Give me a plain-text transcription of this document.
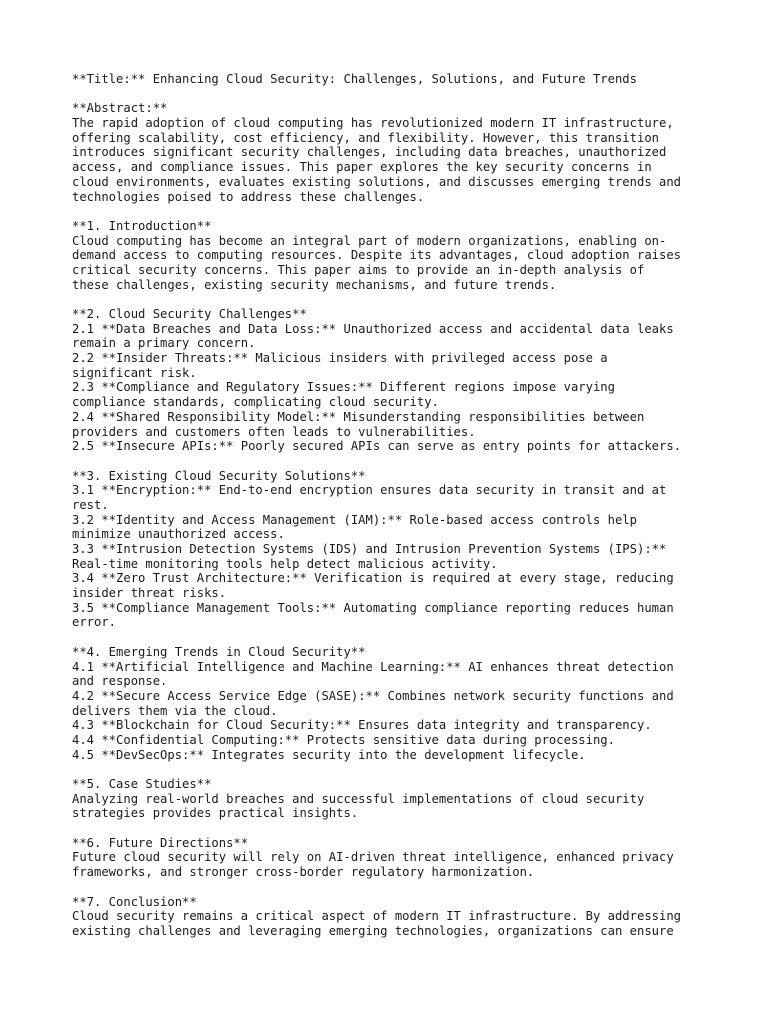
**Title:** Enhancing Cloud Security: Challenges, Solutions, and Future Trends
**Abstract:**
The rapid adoption of cloud computing has revolutionized modern IT infrastructure,
offering scalability, cost efficiency, and flexibility. However, this transition
introduces significant security challenges, including data breaches, unauthorized
access, and compliance issues. This paper explores the key security concerns in
cloud environments, evaluates existing solutions, and discusses emerging trends and
technologies poised to address these challenges.
**1. Introduction**
Cloud computing has become an integral part of modern organizations, enabling on-
demand access to computing resources. Despite its advantages, cloud adoption raises
critical security concerns. This paper aims to provide an in-depth analysis of
these challenges, existing security mechanisms, and future trends.
**2. Cloud Security Challenges**
2.1 **Data Breaches and Data Loss:** Unauthorized access and accidental data leaks
remain a primary concern.
2.2 **Insider Threats:** Malicious insiders with privileged access pose a
significant risk.
2.3 **Compliance and Regulatory Issues:** Different regions impose varying
compliance standards, complicating cloud security.
2.4 **Shared Responsibility Model:** Misunderstanding responsibilities between
providers and customers often leads to vulnerabilities.
2.5 **Insecure APIs:** Poorly secured APIs can serve as entry points for attackers.
**3. Existing Cloud Security Solutions**
3.1 **Encryption:** End-to-end encryption ensures data security in transit and at
rest.
3.2 **Identity and Access Management (IAM):** Role-based access controls help
minimize unauthorized access.
3.3 **Intrusion Detection Systems (IDS) and Intrusion Prevention Systems (IPS):**
Real-time monitoring tools help detect malicious activity.
3.4 **Zero Trust Architecture:** Verification is required at every stage, reducing
insider threat risks.
3.5 **Compliance Management Tools:** Automating compliance reporting reduces human
error.
**4. Emerging Trends in Cloud Security**
4.1 **Artificial Intelligence and Machine Learning:** AI enhances threat detection
and response.
4.2 **Secure Access Service Edge (SASE):** Combines network security functions and
delivers them via the cloud.
4.3 **Blockchain for Cloud Security:** Ensures data integrity and transparency.
4.4 **Confidential Computing:** Protects sensitive data during processing.
4.5 **DevSecOps:** Integrates security into the development lifecycle.
**5. Case Studies**
Analyzing real-world breaches and successful implementations of cloud security
strategies provides practical insights.
**6. Future Directions**
Future cloud security will rely on AI-driven threat intelligence, enhanced privacy
frameworks, and stronger cross-border regulatory harmonization.
**7. Conclusion**
Cloud security remains a critical aspect of modern IT infrastructure. By addressing
existing challenges and leveraging emerging technologies, organizations can ensure
